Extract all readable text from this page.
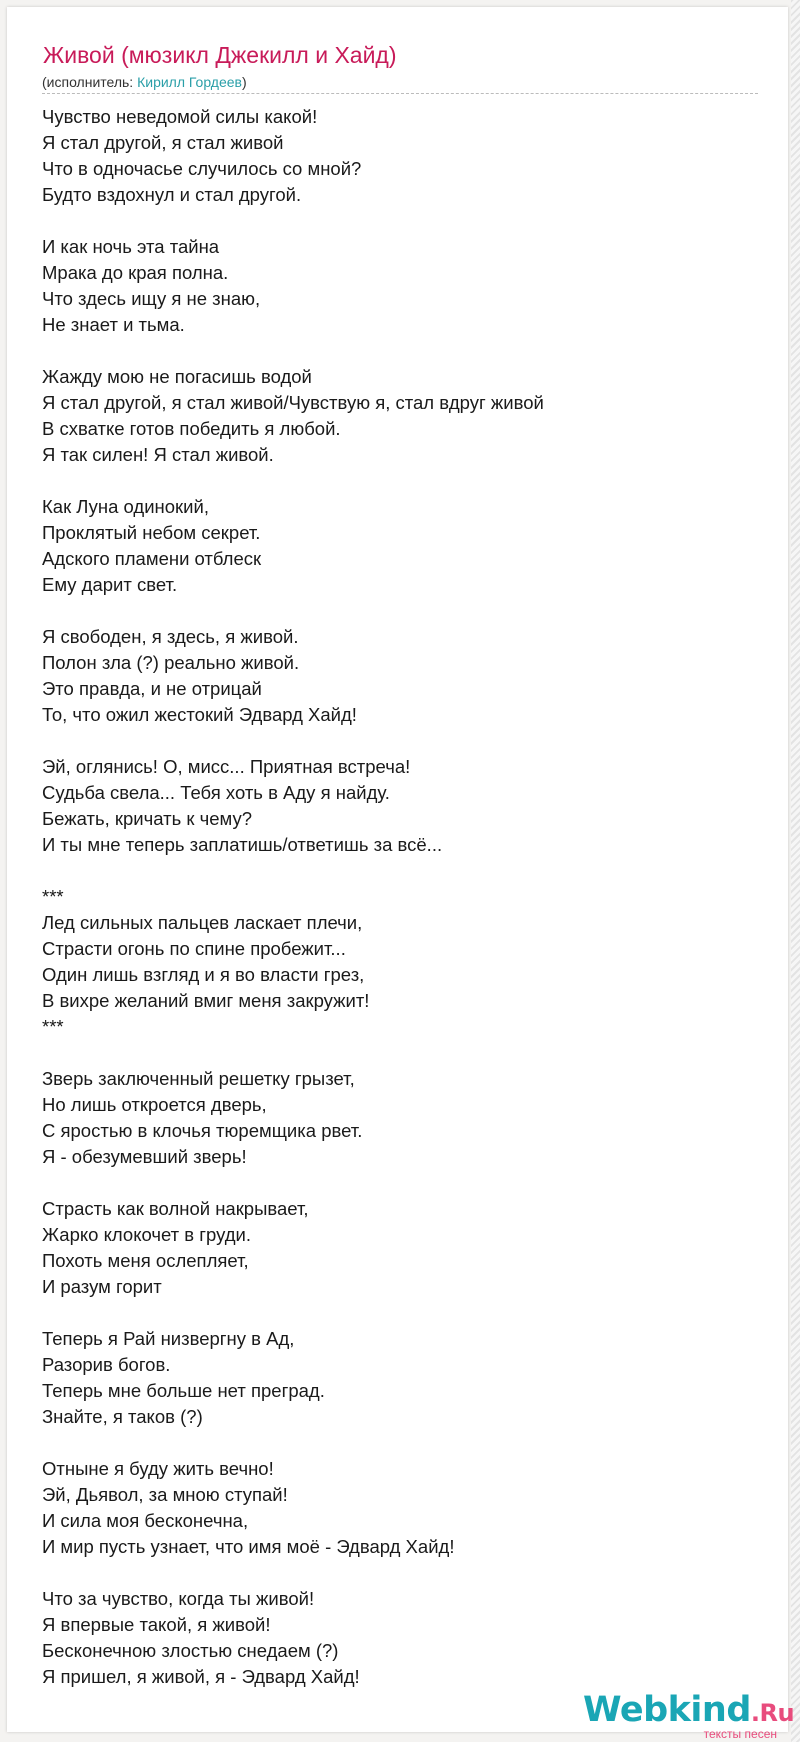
Живой (мюзикл Джекилл и Хайд)
(исполнитель: Кирилл Гордеев)
Чувство неведомой силы какой!
Я стал другой, я стал живой
Что в одночасье случилось со мной?
Будто вздохнул и стал другой.
И как ночь эта тайна
Мрака до края полна.
Что здесь ищу я не знаю,
Не знает и тьма.
Жажду мою не погасишь водой
Я стал другой, я стал живой/Чувствую я, стал вдруг живой
В схватке готов победить я любой.
Я так силен! Я стал живой.
Как Луна одинокий,
Проклятый небом секрет.
Адского пламени отблеск
Ему дарит свет.
Я свободен, я здесь, я живой.
Полон зла (?) реально живой.
Это правда, и не отрицай
То, что ожил жестокий Эдвард Хайд!
Эй, оглянись! О, мисс... Приятная встреча!
Судьба свела... Тебя хоть в Аду я найду.
Бежать, кричать к чему?
И ты мне теперь заплатишь/ответишь за всё...
***
Лед сильных пальцев ласкает плечи,
Страсти огонь по спине пробежит...
Один лишь взгляд и я во власти грез,
В вихре желаний вмиг меня закружит!
***
Зверь заключенный решетку грызет,
Но лишь откроется дверь,
С яростью в клочья тюремщика рвет.
Я - обезумевший зверь!
Страсть как волной накрывает,
Жарко клокочет в груди.
Похоть меня ослепляет,
И разум горит
Теперь я Рай низвергну в Ад,
Разорив богов.
Теперь мне больше нет преград.
Знайте, я таков (?)
Отныне я буду жить вечно!
Эй, Дьявол, за мною ступай!
И сила моя бесконечна,
И мир пусть узнает, что имя моё - Эдвард Хайд!
Что за чувство, когда ты живой!
Я впервые такой, я живой!
Бесконечною злостью снедаем (?)
Я пришел, я живой, я - Эдвард Хайд!
Webkind.Ru
тексты песен
